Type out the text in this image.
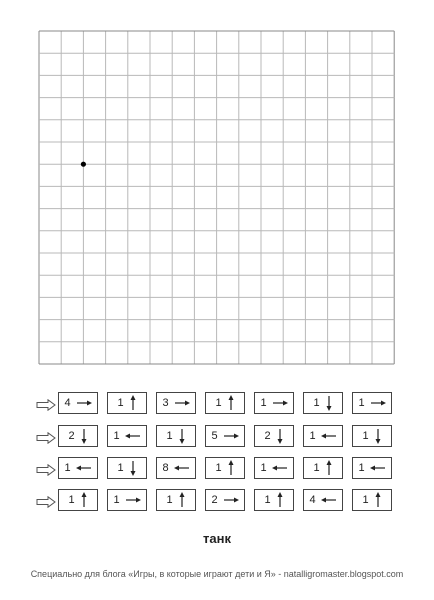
4	1	3	1	1	1	1
2	1	1	5	2	1	1
1	1	8	1	1	1	1
1	1	1	2	1	4	1
танк
Специально для блога «Игры, в которые играют дети и Я» - natalligromaster.blogspot.com
